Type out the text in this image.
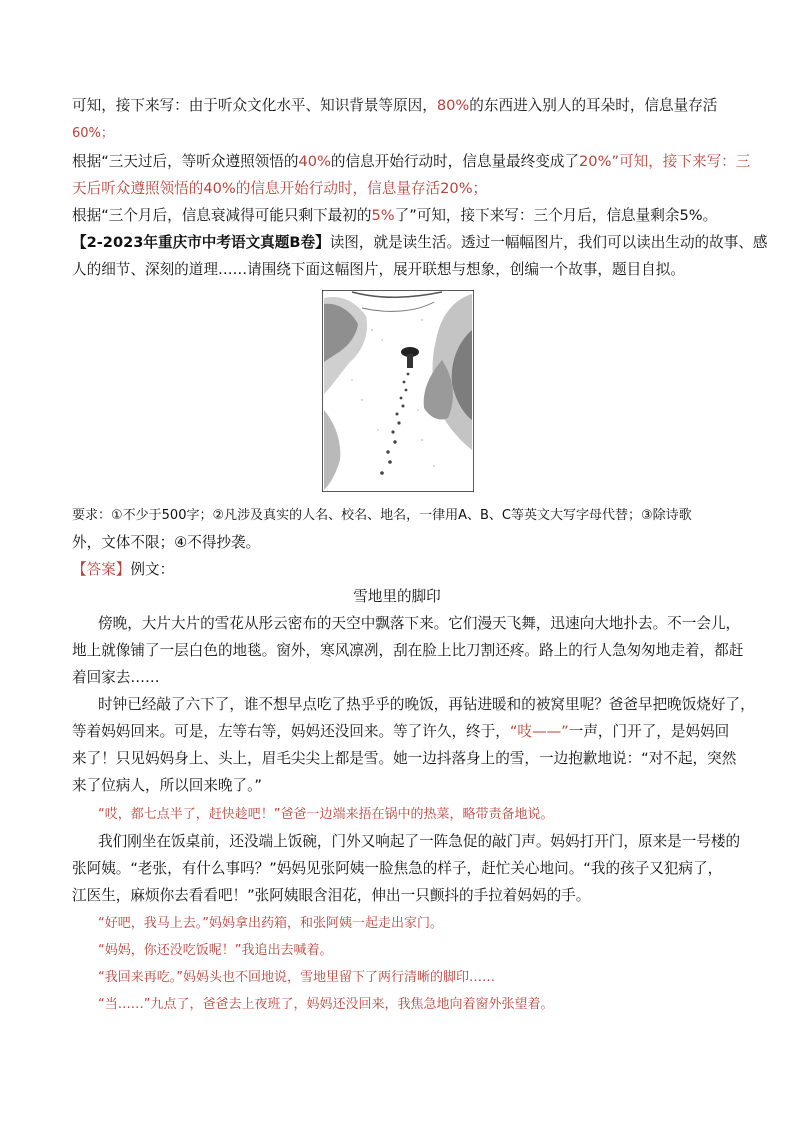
可知，接下来写：由于听众文化水平、知识背景等原因，80%的东西进入别人的耳朵时，信息量存活
60%；
根据“三天过后，等听众遵照领悟的40%的信息开始行动时，信息量最终变成了20%”可知，接下来写：三
天后听众遵照领悟的40%的信息开始行动时，信息量存活20%；
根据“三个月后，信息衰减得可能只剩下最初的5%了”可知，接下来写：三个月后，信息量剩余5%。
【2-2023年重庆市中考语文真题B卷】读图，就是读生活。透过一幅幅图片，我们可以读出生动的故事、感
人的细节、深刻的道理……请围绕下面这幅图片，展开联想与想象，创编一个故事，题目自拟。
要求：①不少于500字；②凡涉及真实的人名、校名、地名，一律用A、B、C等英文大写字母代替；③除诗歌
外，文体不限；④不得抄袭。
【答案】例文：
雪地里的脚印
傍晚，大片大片的雪花从彤云密布的天空中飘落下来。它们漫天飞舞，迅速向大地扑去。不一会儿，
地上就像铺了一层白色的地毯。窗外，寒风凛冽，刮在脸上比刀割还疼。路上的行人急匆匆地走着，都赶
着回家去……
时钟已经敲了六下了，谁不想早点吃了热乎乎的晚饭，再钻进暖和的被窝里呢？爸爸早把晚饭烧好了，
等着妈妈回来。可是，左等右等，妈妈还没回来。等了许久，终于，“吱——”一声，门开了，是妈妈回
来了！只见妈妈身上、头上，眉毛尖尖上都是雪。她一边抖落身上的雪，一边抱歉地说：“对不起，突然
来了位病人，所以回来晚了。”
“哎，都七点半了，赶快趁吧！”爸爸一边端来捂在锅中的热菜，略带责备地说。
我们刚坐在饭桌前，还没端上饭碗，门外又响起了一阵急促的敲门声。妈妈打开门，原来是一号楼的
张阿姨。“老张，有什么事吗？”妈妈见张阿姨一脸焦急的样子，赶忙关心地问。“我的孩子又犯病了，
江医生，麻烦你去看看吧！”张阿姨眼含泪花，伸出一只颤抖的手拉着妈妈的手。
“好吧，我马上去。”妈妈拿出药箱，和张阿姨一起走出家门。
“妈妈，你还没吃饭呢！”我追出去喊着。
“我回来再吃。”妈妈头也不回地说，雪地里留下了两行清晰的脚印……
“当……”九点了，爸爸去上夜班了，妈妈还没回来，我焦急地向着窗外张望着。
